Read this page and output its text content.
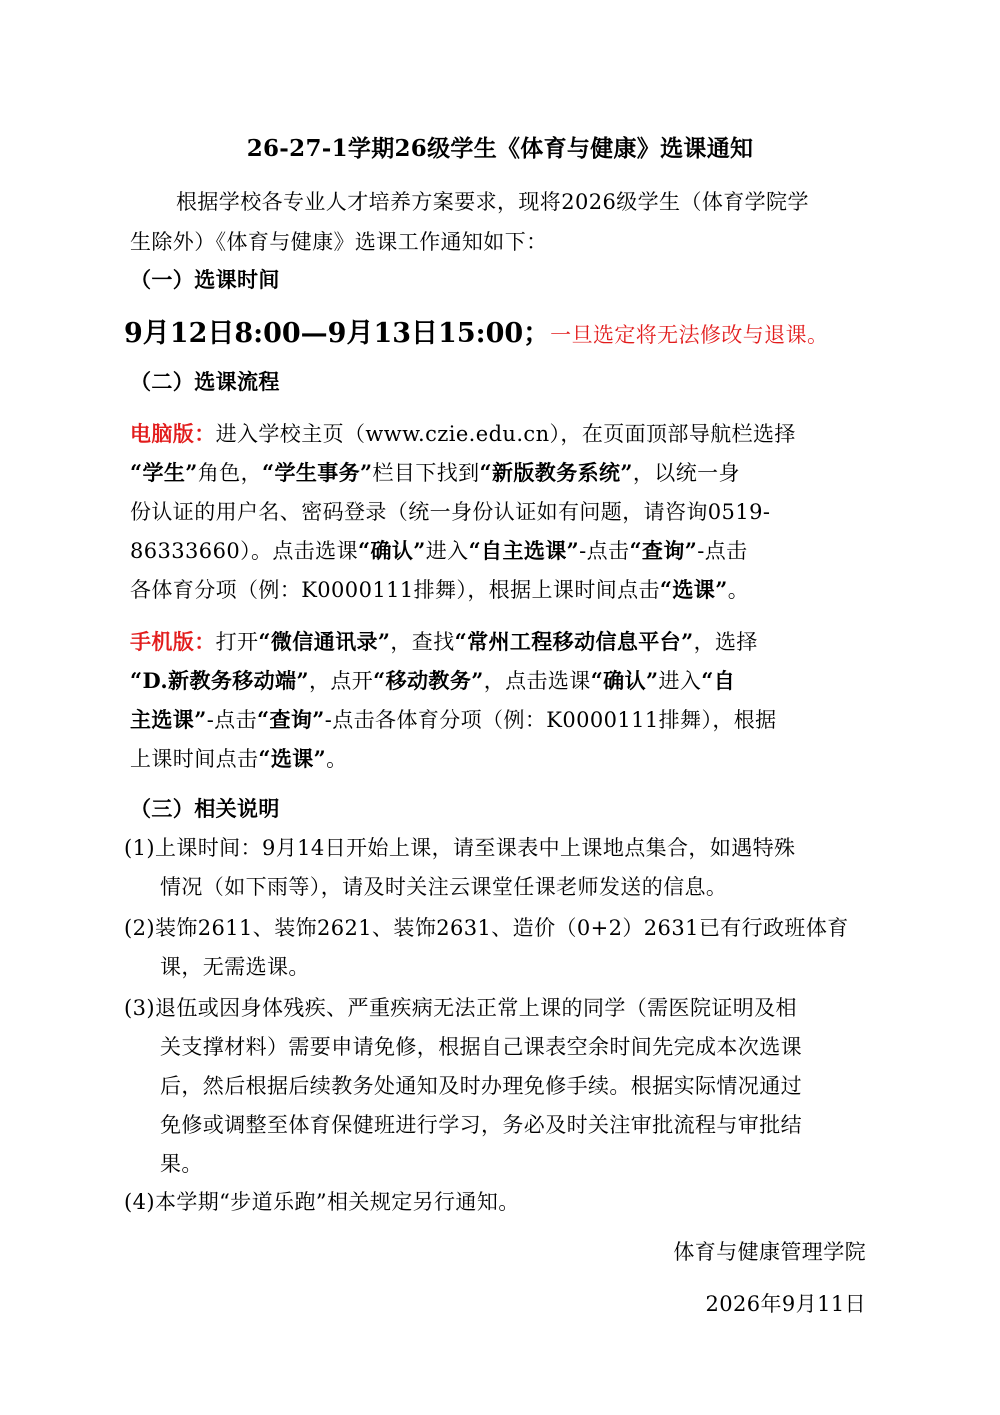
26-27-1学期26级学生《体育与健康》选课通知
根据学校各专业人才培养方案要求，现将2026级学生（体育学院学
生除外）《体育与健康》选课工作通知如下：
（一）选课时间
9月12日8:00—9月13日15:00；一旦选定将无法修改与退课。
（二）选课流程
电脑版：进入学校主页（www.czie.edu.cn），在页面顶部导航栏选择
“学生”角色，“学生事务”栏目下找到“新版教务系统”，以统一身
份认证的用户名、密码登录（统一身份认证如有问题，请咨询0519-
86333660）。点击选课“确认”进入“自主选课”-点击“查询”-点击
各体育分项（例：K0000111排舞），根据上课时间点击“选课”。
手机版：打开“微信通讯录”，查找“常州工程移动信息平台”，选择
“D.新教务移动端”，点开“移动教务”，点击选课“确认”进入“自
主选课”-点击“查询”-点击各体育分项（例：K0000111排舞），根据
上课时间点击“选课”。
（三）相关说明
(1)上课时间：9月14日开始上课，请至课表中上课地点集合，如遇特殊
情况（如下雨等），请及时关注云课堂任课老师发送的信息。
(2)装饰2611、装饰2621、装饰2631、造价（0+2）2631已有行政班体育
课，无需选课。
(3)退伍或因身体残疾、严重疾病无法正常上课的同学（需医院证明及相
关支撑材料）需要申请免修，根据自己课表空余时间先完成本次选课
后，然后根据后续教务处通知及时办理免修手续。根据实际情况通过
免修或调整至体育保健班进行学习，务必及时关注审批流程与审批结
果。
(4)本学期“步道乐跑”相关规定另行通知。
体育与健康管理学院
2026年9月11日
